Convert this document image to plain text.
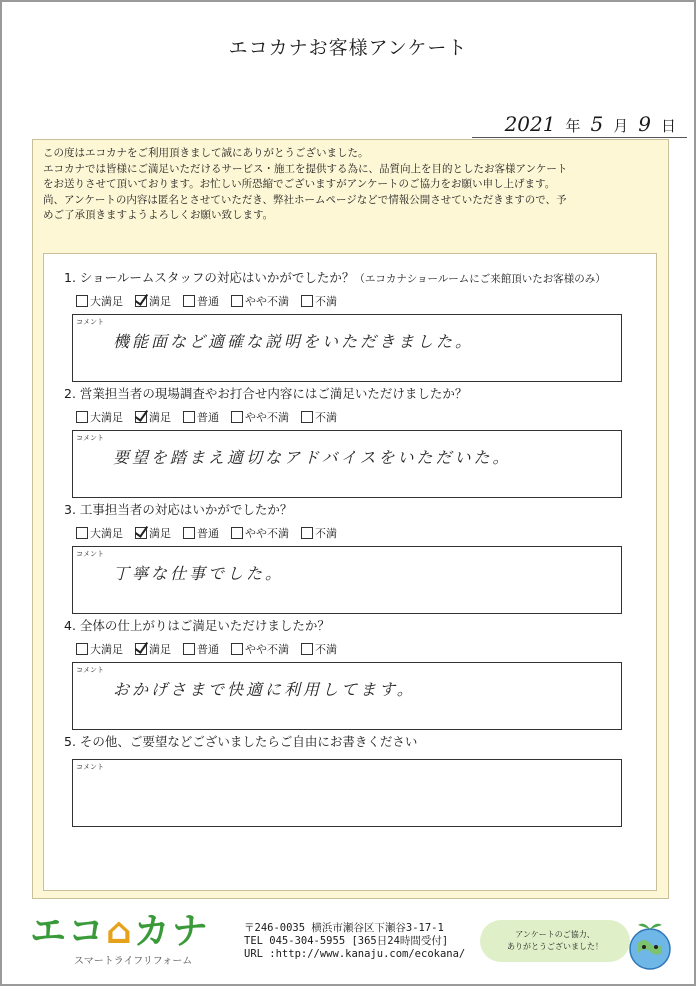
エコカナお客様アンケート
2021 年 5 月 9 日
この度はエコカナをご利用頂きまして誠にありがとうございました。
エコカナでは皆様にご満足いただけるサービス・施工を提供する為に、品質向上を目的としたお客様アンケート
をお送りさせて頂いております。お忙しい所恐縮でございますがアンケートのご協力をお願い申し上げます。
尚、アンケートの内容は匿名とさせていただき、弊社ホームページなどで情報公開させていただきますので、予
めご了承頂きますようよろしくお願い致します。
1. ショールームスタッフの対応はいかがでしたか？（エコカナショールームにご来館頂いたお客様のみ）
大満足 満足 普通 やや不満 不満
コメント
機能面など適確な説明をいただきました。
2. 営業担当者の現場調査やお打合せ内容にはご満足いただけましたか？
大満足 満足 普通 やや不満 不満
コメント
要望を踏まえ適切なアドバイスをいただいた。
3. 工事担当者の対応はいかがでしたか？
大満足 満足 普通 やや不満 不満
コメント
丁寧な仕事でした。
4. 全体の仕上がりはご満足いただけましたか？
大満足 満足 普通 やや不満 不満
コメント
おかげさまで快適に利用してます。
5. その他、ご要望などございましたらご自由にお書きください
コメント
エコ⌂カナ
スマートライフリフォーム
〒246-0035 横浜市瀬谷区下瀬谷3-17-1
TEL 045-304-5955 [365日24時間受付]
URL :http://www.kanaju.com/ecokana/
アンケートのご協力、
ありがとうございました！
